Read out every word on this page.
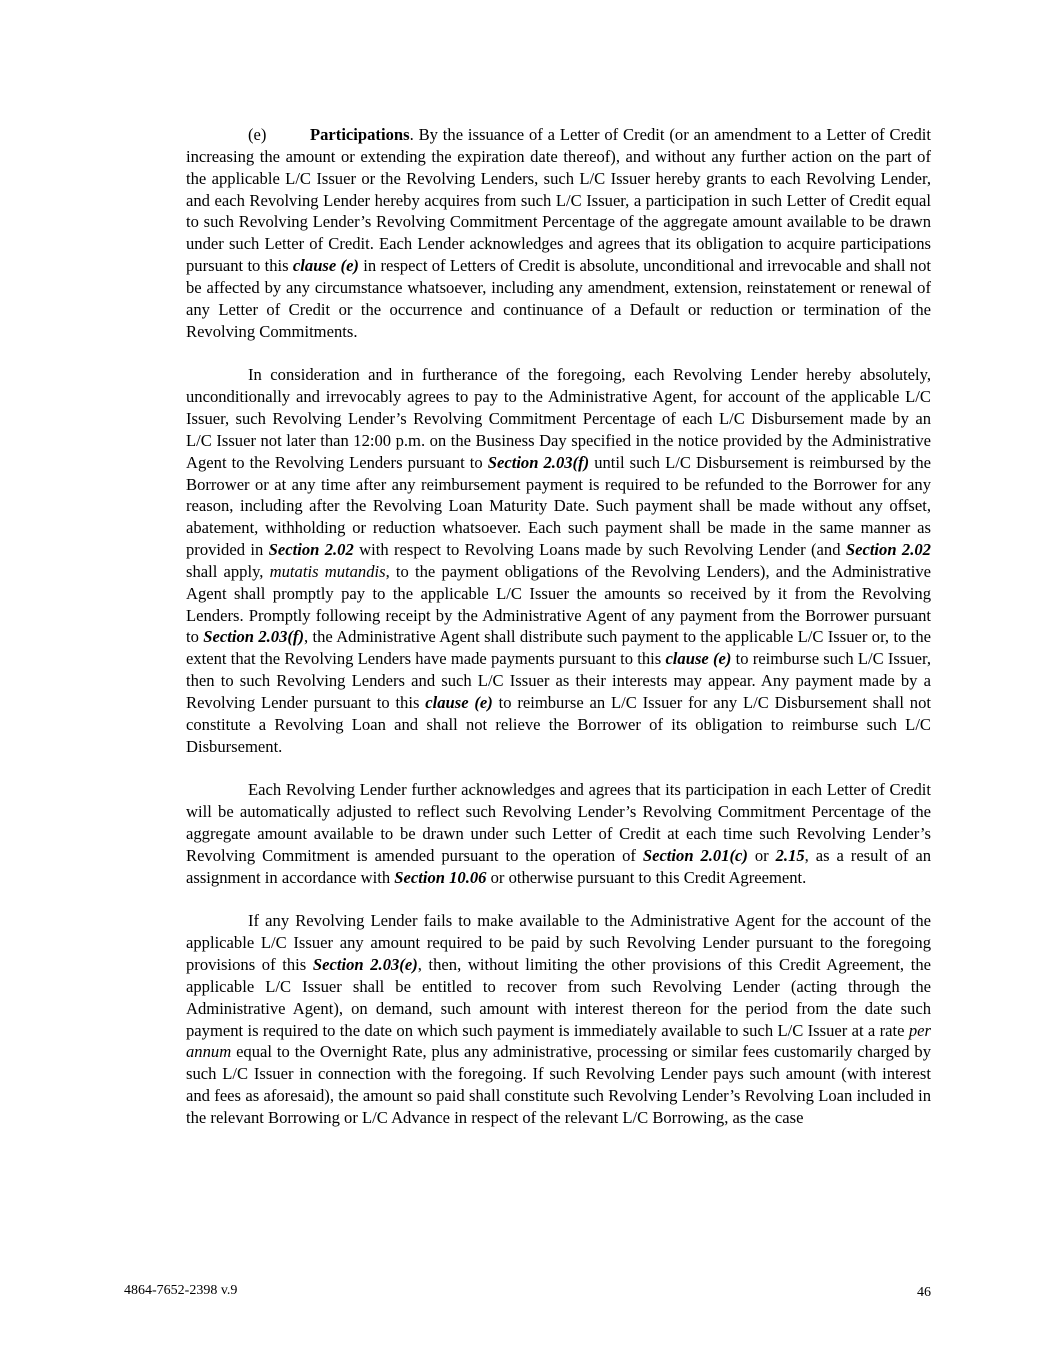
(e)	Participations. By the issuance of a Letter of Credit (or an amendment to a Letter of Credit increasing the amount or extending the expiration date thereof), and without any further action on the part of the applicable L/C Issuer or the Revolving Lenders, such L/C Issuer hereby grants to each Revolving Lender, and each Revolving Lender hereby acquires from such L/C Issuer, a participation in such Letter of Credit equal to such Revolving Lender’s Revolving Commitment Percentage of the aggregate amount available to be drawn under such Letter of Credit. Each Lender acknowledges and agrees that its obligation to acquire participations pursuant to this clause (e) in respect of Letters of Credit is absolute, unconditional and irrevocable and shall not be affected by any circumstance whatsoever, including any amendment, extension, reinstatement or renewal of any Letter of Credit or the occurrence and continuance of a Default or reduction or termination of the Revolving Commitments.

In consideration and in furtherance of the foregoing, each Revolving Lender hereby absolutely, unconditionally and irrevocably agrees to pay to the Administrative Agent, for account of the applicable L/C Issuer, such Revolving Lender’s Revolving Commitment Percentage of each L/C Disbursement made by an L/C Issuer not later than 12:00 p.m. on the Business Day specified in the notice provided by the Administrative Agent to the Revolving Lenders pursuant to Section 2.03(f) until such L/C Disbursement is reimbursed by the Borrower or at any time after any reimbursement payment is required to be refunded to the Borrower for any reason, including after the Revolving Loan Maturity Date. Such payment shall be made without any offset, abatement, withholding or reduction whatsoever. Each such payment shall be made in the same manner as provided in Section 2.02 with respect to Revolving Loans made by such Revolving Lender (and Section 2.02 shall apply, mutatis mutandis, to the payment obligations of the Revolving Lenders), and the Administrative Agent shall promptly pay to the applicable L/C Issuer the amounts so received by it from the Revolving Lenders. Promptly following receipt by the Administrative Agent of any payment from the Borrower pursuant to Section 2.03(f), the Administrative Agent shall distribute such payment to the applicable L/C Issuer or, to the extent that the Revolving Lenders have made payments pursuant to this clause (e) to reimburse such L/C Issuer, then to such Revolving Lenders and such L/C Issuer as their interests may appear. Any payment made by a Revolving Lender pursuant to this clause (e) to reimburse an L/C Issuer for any L/C Disbursement shall not constitute a Revolving Loan and shall not relieve the Borrower of its obligation to reimburse such L/C Disbursement.

Each Revolving Lender further acknowledges and agrees that its participation in each Letter of Credit will be automatically adjusted to reflect such Revolving Lender’s Revolving Commitment Percentage of the aggregate amount available to be drawn under such Letter of Credit at each time such Revolving Lender’s Revolving Commitment is amended pursuant to the operation of Section 2.01(c) or 2.15, as a result of an assignment in accordance with Section 10.06 or otherwise pursuant to this Credit Agreement.

If any Revolving Lender fails to make available to the Administrative Agent for the account of the applicable L/C Issuer any amount required to be paid by such Revolving Lender pursuant to the foregoing provisions of this Section 2.03(e), then, without limiting the other provisions of this Credit Agreement, the applicable L/C Issuer shall be entitled to recover from such Revolving Lender (acting through the Administrative Agent), on demand, such amount with interest thereon for the period from the date such payment is required to the date on which such payment is immediately available to such L/C Issuer at a rate per annum equal to the Overnight Rate, plus any administrative, processing or similar fees customarily charged by such L/C Issuer in connection with the foregoing. If such Revolving Lender pays such amount (with interest and fees as aforesaid), the amount so paid shall constitute such Revolving Lender’s Revolving Loan included in the relevant Borrowing or L/C Advance in respect of the relevant L/C Borrowing, as the case

4864-7652-2398 v.9	46
